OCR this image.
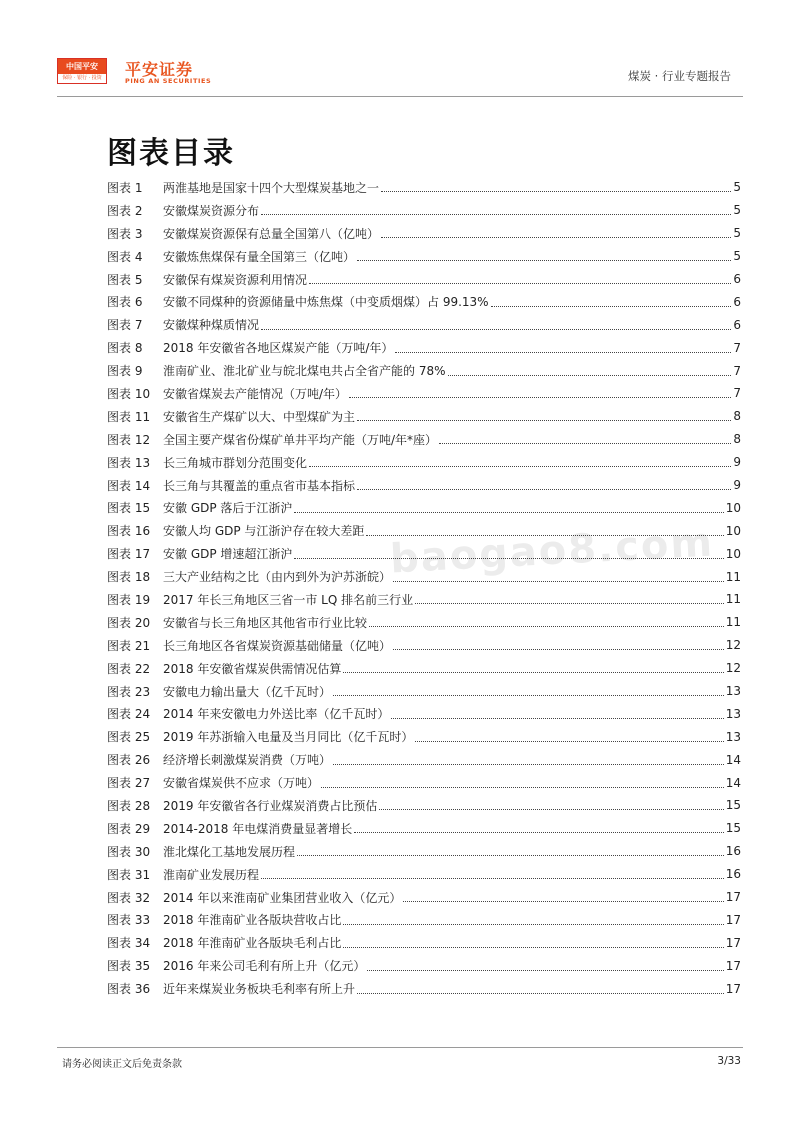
中国平安
保险 · 银行 · 投资 平安证券
PING AN SECURITIES	煤炭 · 行业专题报告
图表目录
图表 1	两淮基地是国家十四个大型煤炭基地之一	5
图表 2	安徽煤炭资源分布	5
图表 3	安徽煤炭资源保有总量全国第八（亿吨）	5
图表 4	安徽炼焦煤保有量全国第三（亿吨）	5
图表 5	安徽保有煤炭资源利用情况	6
图表 6	安徽不同煤种的资源储量中炼焦煤（中变质烟煤）占 99.13%	6
图表 7	安徽煤种煤质情况	6
图表 8	2018 年安徽省各地区煤炭产能（万吨/年）	7
图表 9	淮南矿业、淮北矿业与皖北煤电共占全省产能的 78%	7
图表 10	安徽省煤炭去产能情况（万吨/年）	7
图表 11	安徽省生产煤矿以大、中型煤矿为主	8
图表 12	全国主要产煤省份煤矿单井平均产能（万吨/年*座）	8
图表 13	长三角城市群划分范围变化	9
图表 14	长三角与其覆盖的重点省市基本指标	9
图表 15	安徽 GDP 落后于江浙沪	10
图表 16	安徽人均 GDP 与江浙沪存在较大差距	10
图表 17	安徽 GDP 增速超江浙沪	10
图表 18	三大产业结构之比（由内到外为沪苏浙皖）	11
图表 19	2017 年长三角地区三省一市 LQ 排名前三行业	11
图表 20	安徽省与长三角地区其他省市行业比较	11
图表 21	长三角地区各省煤炭资源基础储量（亿吨）	12
图表 22	2018 年安徽省煤炭供需情况估算	12
图表 23	安徽电力输出量大（亿千瓦时）	13
图表 24	2014 年来安徽电力外送比率（亿千瓦时）	13
图表 25	2019 年苏浙输入电量及当月同比（亿千瓦时）	13
图表 26	经济增长刺激煤炭消费（万吨）	14
图表 27	安徽省煤炭供不应求（万吨）	14
图表 28	2019 年安徽省各行业煤炭消费占比预估	15
图表 29	2014-2018 年电煤消费量显著增长	15
图表 30	淮北煤化工基地发展历程	16
图表 31	淮南矿业发展历程	16
图表 32	2014 年以来淮南矿业集团营业收入（亿元）	17
图表 33	2018 年淮南矿业各版块营收占比	17
图表 34	2018 年淮南矿业各版块毛利占比	17
图表 35	2016 年来公司毛利有所上升（亿元）	17
图表 36	近年来煤炭业务板块毛利率有所上升	17
baogao8.com
请务必阅读正文后免责条款	3/33
